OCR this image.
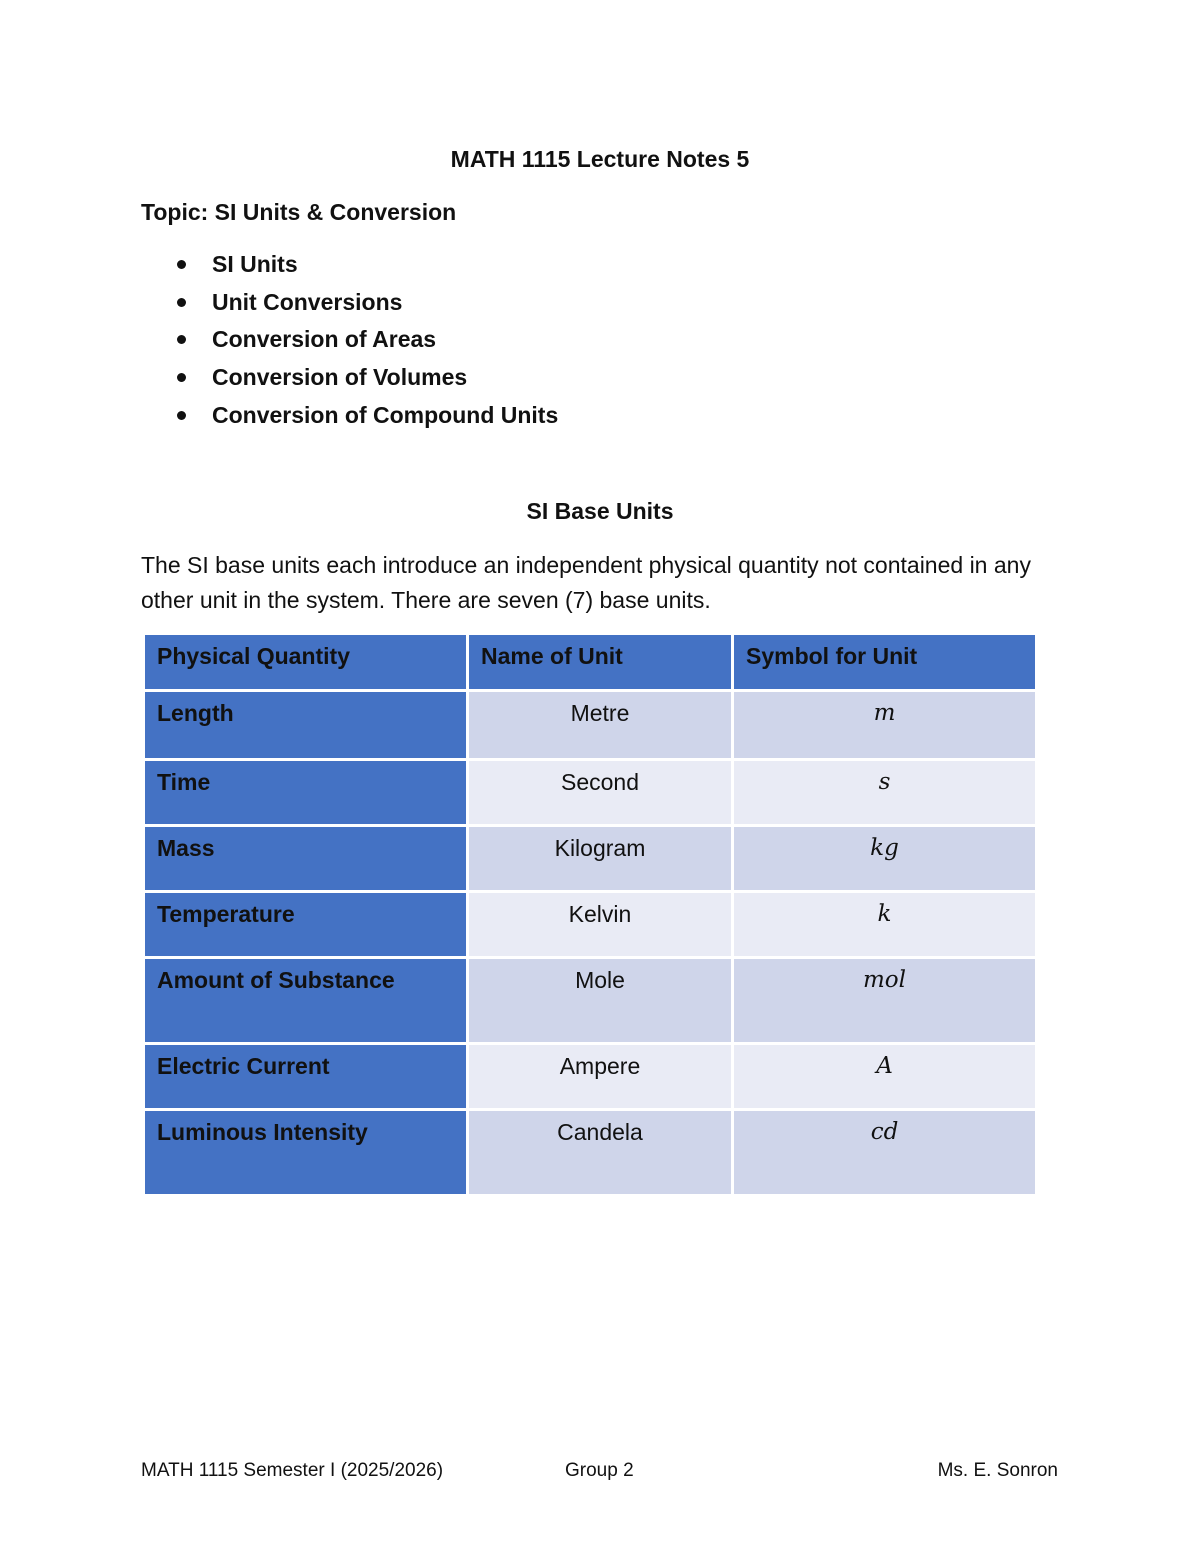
MATH 1115 Lecture Notes 5
Topic: SI Units & Conversion
SI Units
Unit Conversions
Conversion of Areas
Conversion of Volumes
Conversion of Compound Units
SI Base Units
The SI base units each introduce an independent physical quantity not contained in any other unit in the system. There are seven (7) base units.
Physical Quantity	Name of Unit	Symbol for Unit
Length	Metre	m
Time	Second	s
Mass	Kilogram	kg
Temperature	Kelvin	k
Amount of Substance	Mole	mol
Electric Current	Ampere	A
Luminous Intensity	Candela	cd
MATH 1115 Semester I (2025/2026)	Group 2	Ms. E. Sonron
